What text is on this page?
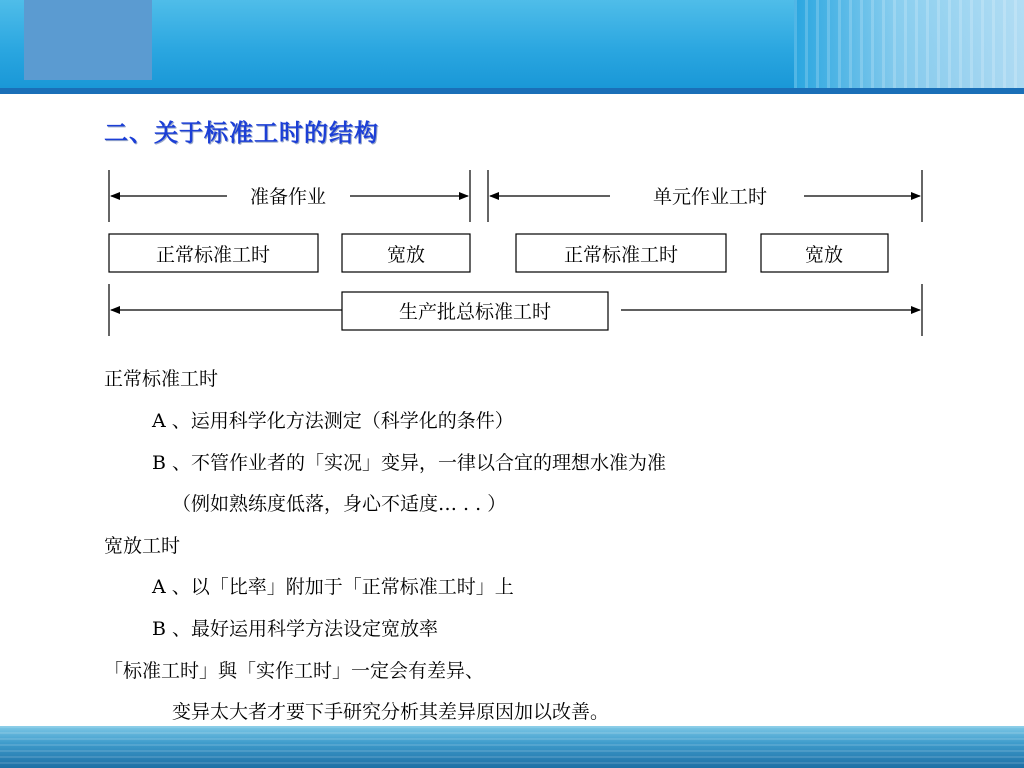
二、关于标准工时的结构
准备作业	单元作业工时
正常标准工时	宽放	正常标准工时	宽放
生产批总标准工时

正常标准工时

A 、运用科学化方法测定（科学化的条件）

B 、不管作业者的「实况」变异，一律以合宜的理想水准为准

（例如熟练度低落，身心不适度… . . ）

宽放工时

A 、以「比率」附加于「正常标准工时」上

B 、最好运用科学方法设定宽放率

「标准工时」與「实作工时」一定会有差异、

变异太大者才要下手研究分析其差异原因加以改善。
